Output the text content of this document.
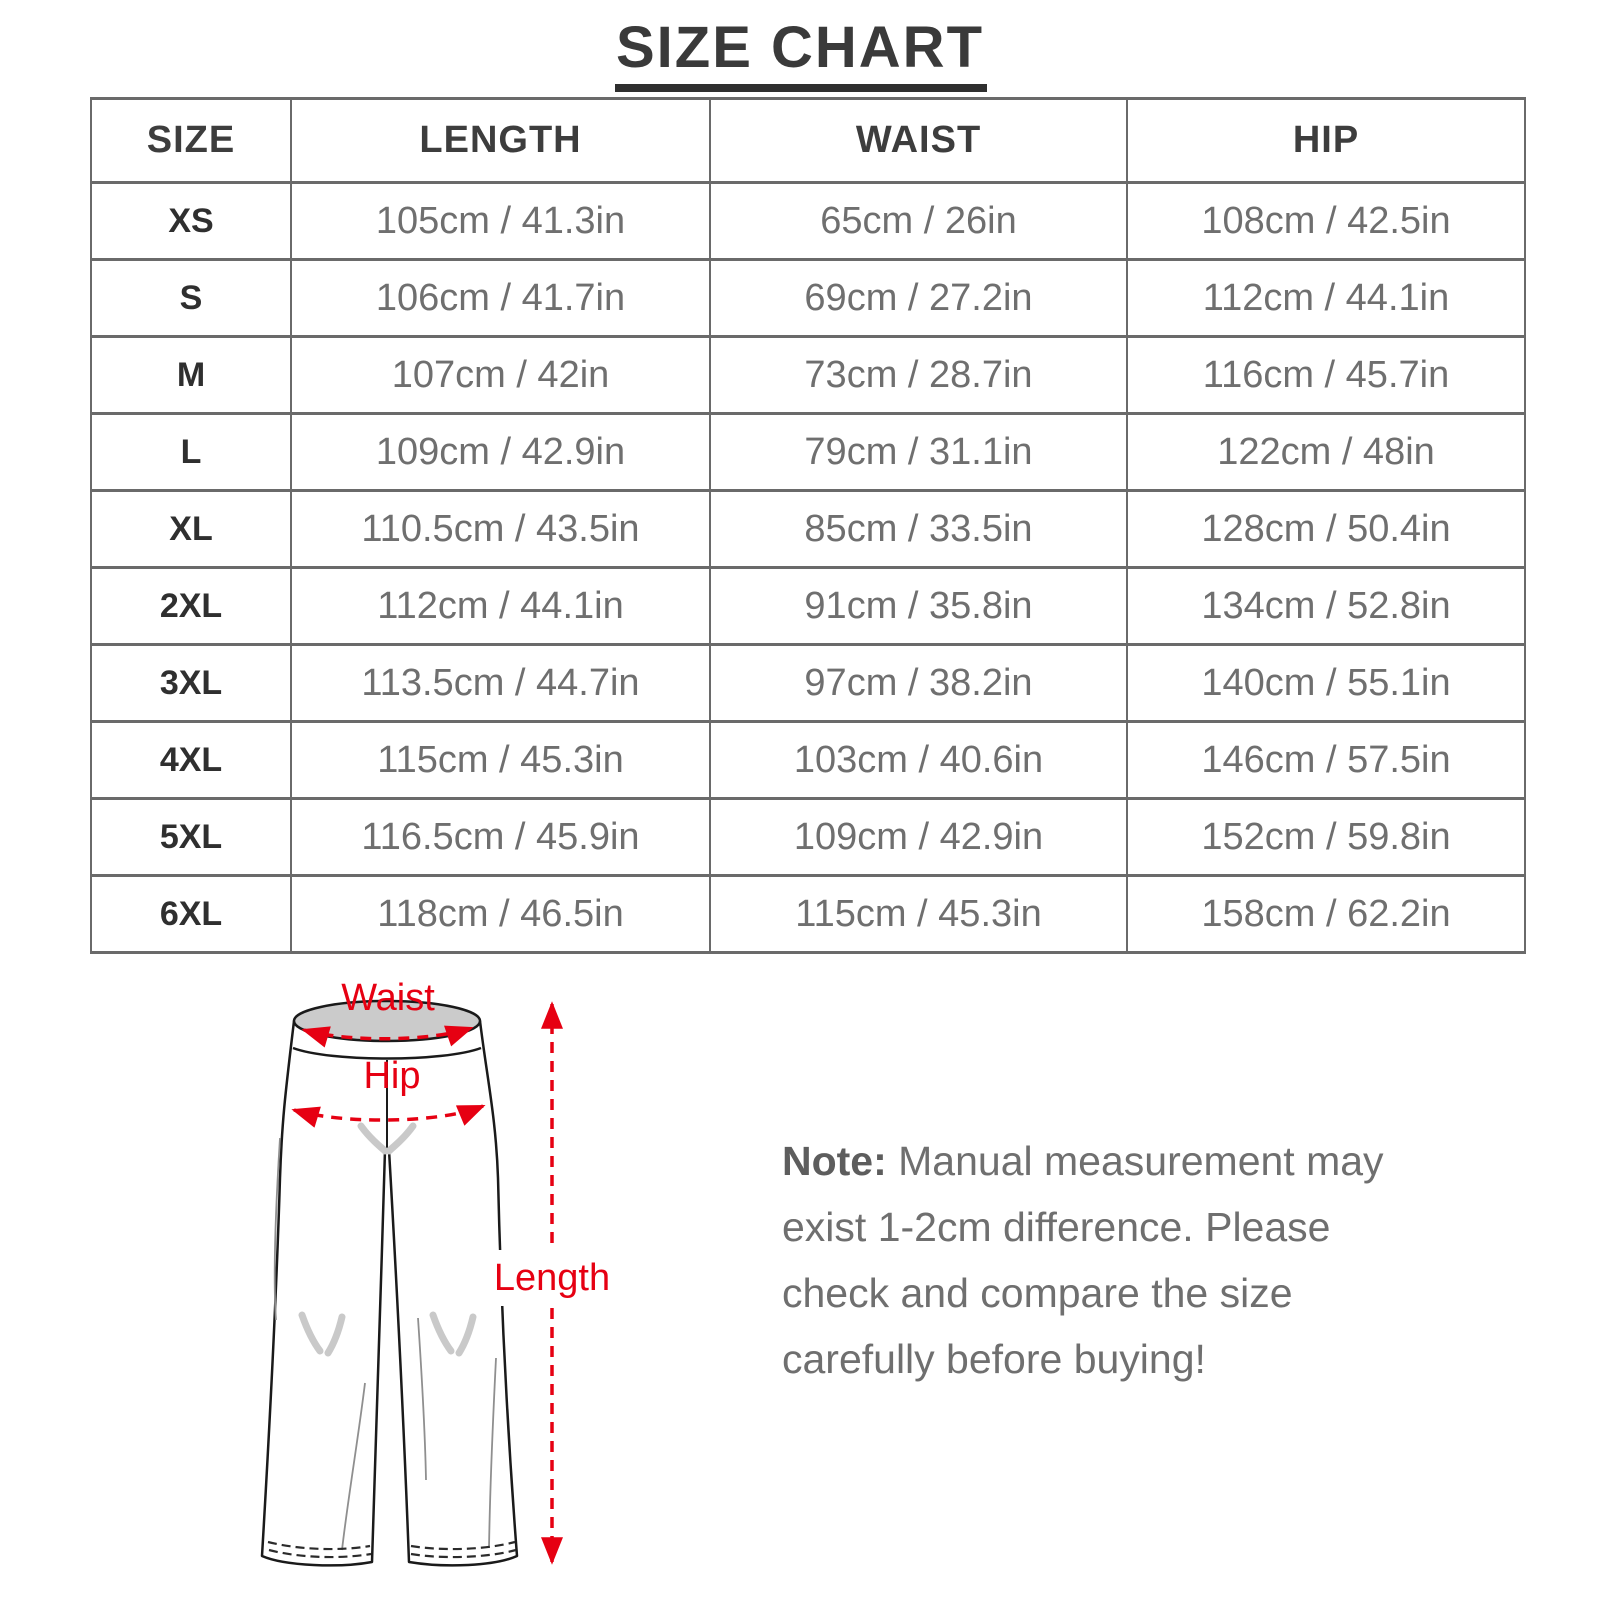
SIZE CHART
SIZE	LENGTH	WAIST	HIP
XS	105cm / 41.3in	65cm / 26in	108cm / 42.5in
S	106cm / 41.7in	69cm / 27.2in	112cm / 44.1in
M	107cm / 42in	73cm / 28.7in	116cm / 45.7in
L	109cm / 42.9in	79cm / 31.1in	122cm / 48in
XL	110.5cm / 43.5in	85cm / 33.5in	128cm / 50.4in
2XL	112cm / 44.1in	91cm / 35.8in	134cm / 52.8in
3XL	113.5cm / 44.7in	97cm / 38.2in	140cm / 55.1in
4XL	115cm / 45.3in	103cm / 40.6in	146cm / 57.5in
5XL	116.5cm / 45.9in	109cm / 42.9in	152cm / 59.8in
6XL	118cm / 46.5in	115cm / 45.3in	158cm / 62.2in
Waist
Hip
Length
Note: Manual measurement may
exist 1-2cm difference. Please
check and compare the size
carefully before buying!
